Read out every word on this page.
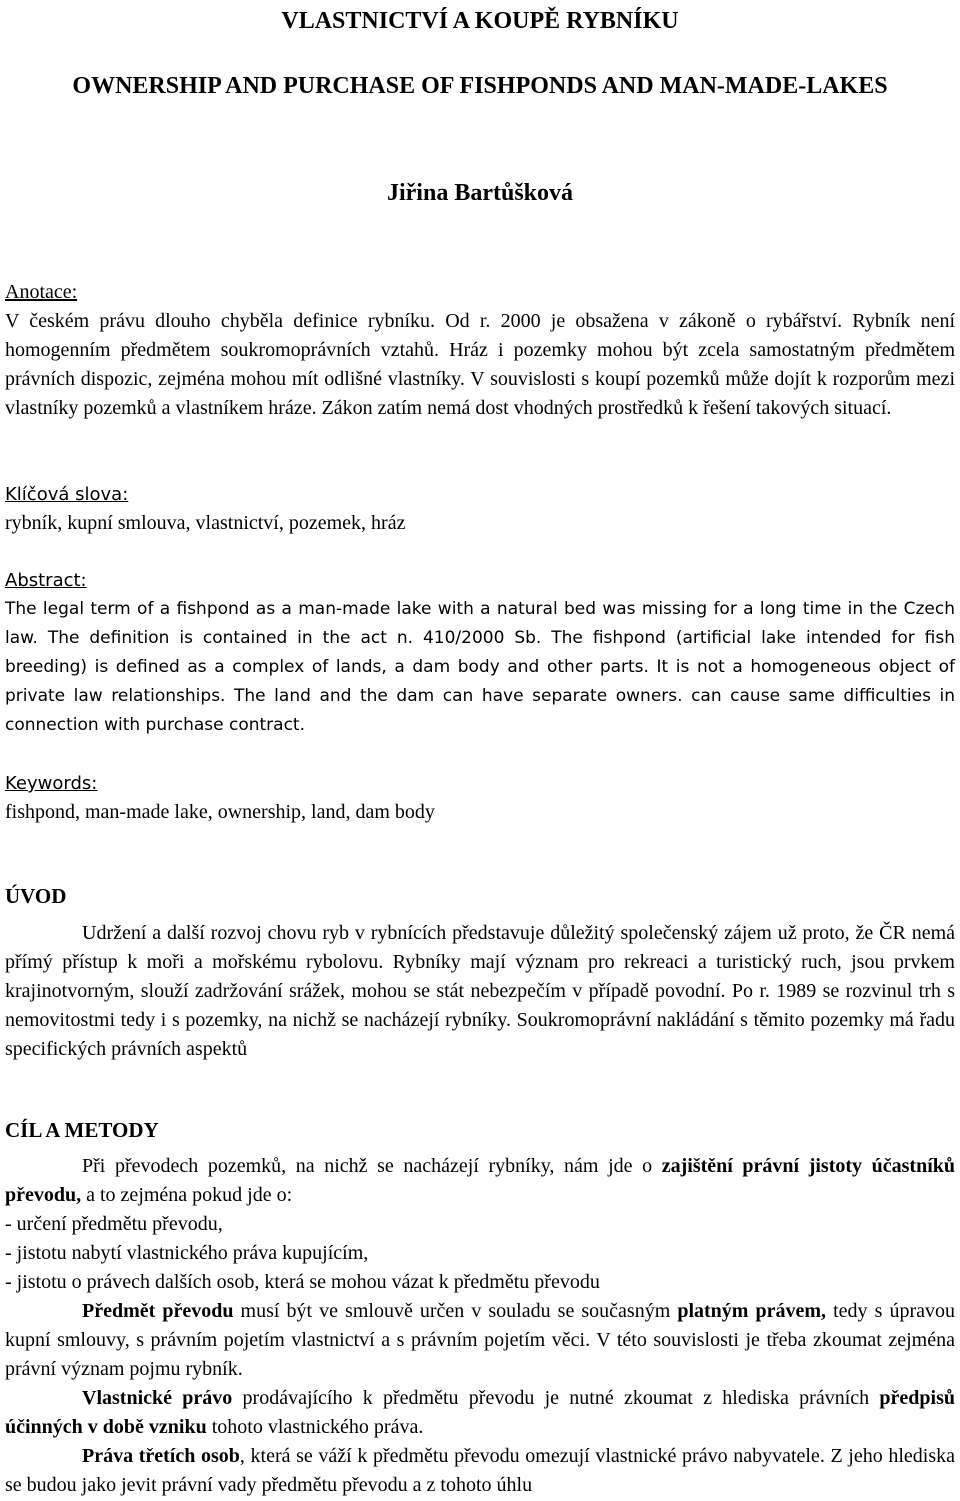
VLASTNICTVÍ A KOUPĚ RYBNÍKU
OWNERSHIP AND PURCHASE OF FISHPONDS AND MAN-MADE-LAKES
Jiřina Bartůšková

Anotace:

V českém právu dlouho chyběla definice rybníku. Od r. 2000 je obsažena v zákoně o rybářství. Rybník není homogenním předmětem soukromoprávních vztahů. Hráz i pozemky mohou být zcela samostatným předmětem právních dispozic, zejména mohou mít odlišné vlastníky. V souvislosti s koupí pozemků může dojít k rozporům mezi vlastníky pozemků a vlastníkem hráze. Zákon zatím nemá dost vhodných prostředků k řešení takových situací.

Klíčová slova:

rybník, kupní smlouva, vlastnictví, pozemek, hráz

Abstract:

The legal term of a fishpond as a man-made lake with a natural bed was missing for a long time in the Czech law. The definition is contained in the act n. 410/2000 Sb. The fishpond (artificial lake intended for fish breeding) is defined as a complex of lands, a dam body and other parts. It is not a homogeneous object of private law relationships. The land and the dam can have separate owners. can cause same difficulties in connection with purchase contract.

Keywords:

fishpond, man-made lake, ownership, land, dam body

ÚVOD

Udržení a další rozvoj chovu ryb v rybnících představuje důležitý společenský zájem už proto, že ČR nemá přímý přístup k moři a mořskému rybolovu. Rybníky mají význam pro rekreaci a turistický ruch, jsou prvkem krajinotvorným, slouží zadržování srážek, mohou se stát nebezpečím v případě povodní. Po r. 1989 se rozvinul trh s nemovitostmi tedy i s pozemky, na nichž se nacházejí rybníky. Soukromoprávní nakládání s těmito pozemky má řadu specifických právních aspektů

CÍL A METODY

Při převodech pozemků, na nichž se nacházejí rybníky, nám jde o zajištění právní jistoty účastníků převodu, a to zejména pokud jde o:

- určení předmětu převodu,

- jistotu nabytí vlastnického práva kupujícím,

- jistotu o právech dalších osob, která se mohou vázat k předmětu převodu

Předmět převodu musí být ve smlouvě určen v souladu se současným platným právem, tedy s úpravou kupní smlouvy, s právním pojetím vlastnictví a s právním pojetím věci. V této souvislosti je třeba zkoumat zejména právní význam pojmu rybník.

Vlastnické právo prodávajícího k předmětu převodu je nutné zkoumat z hlediska právních předpisů účinných v době vzniku tohoto vlastnického práva.

Práva třetích osob, která se váží k předmětu převodu omezují vlastnické právo nabyvatele. Z jeho hlediska se budou jako jevit právní vady předmětu převodu a z tohoto úhlu
